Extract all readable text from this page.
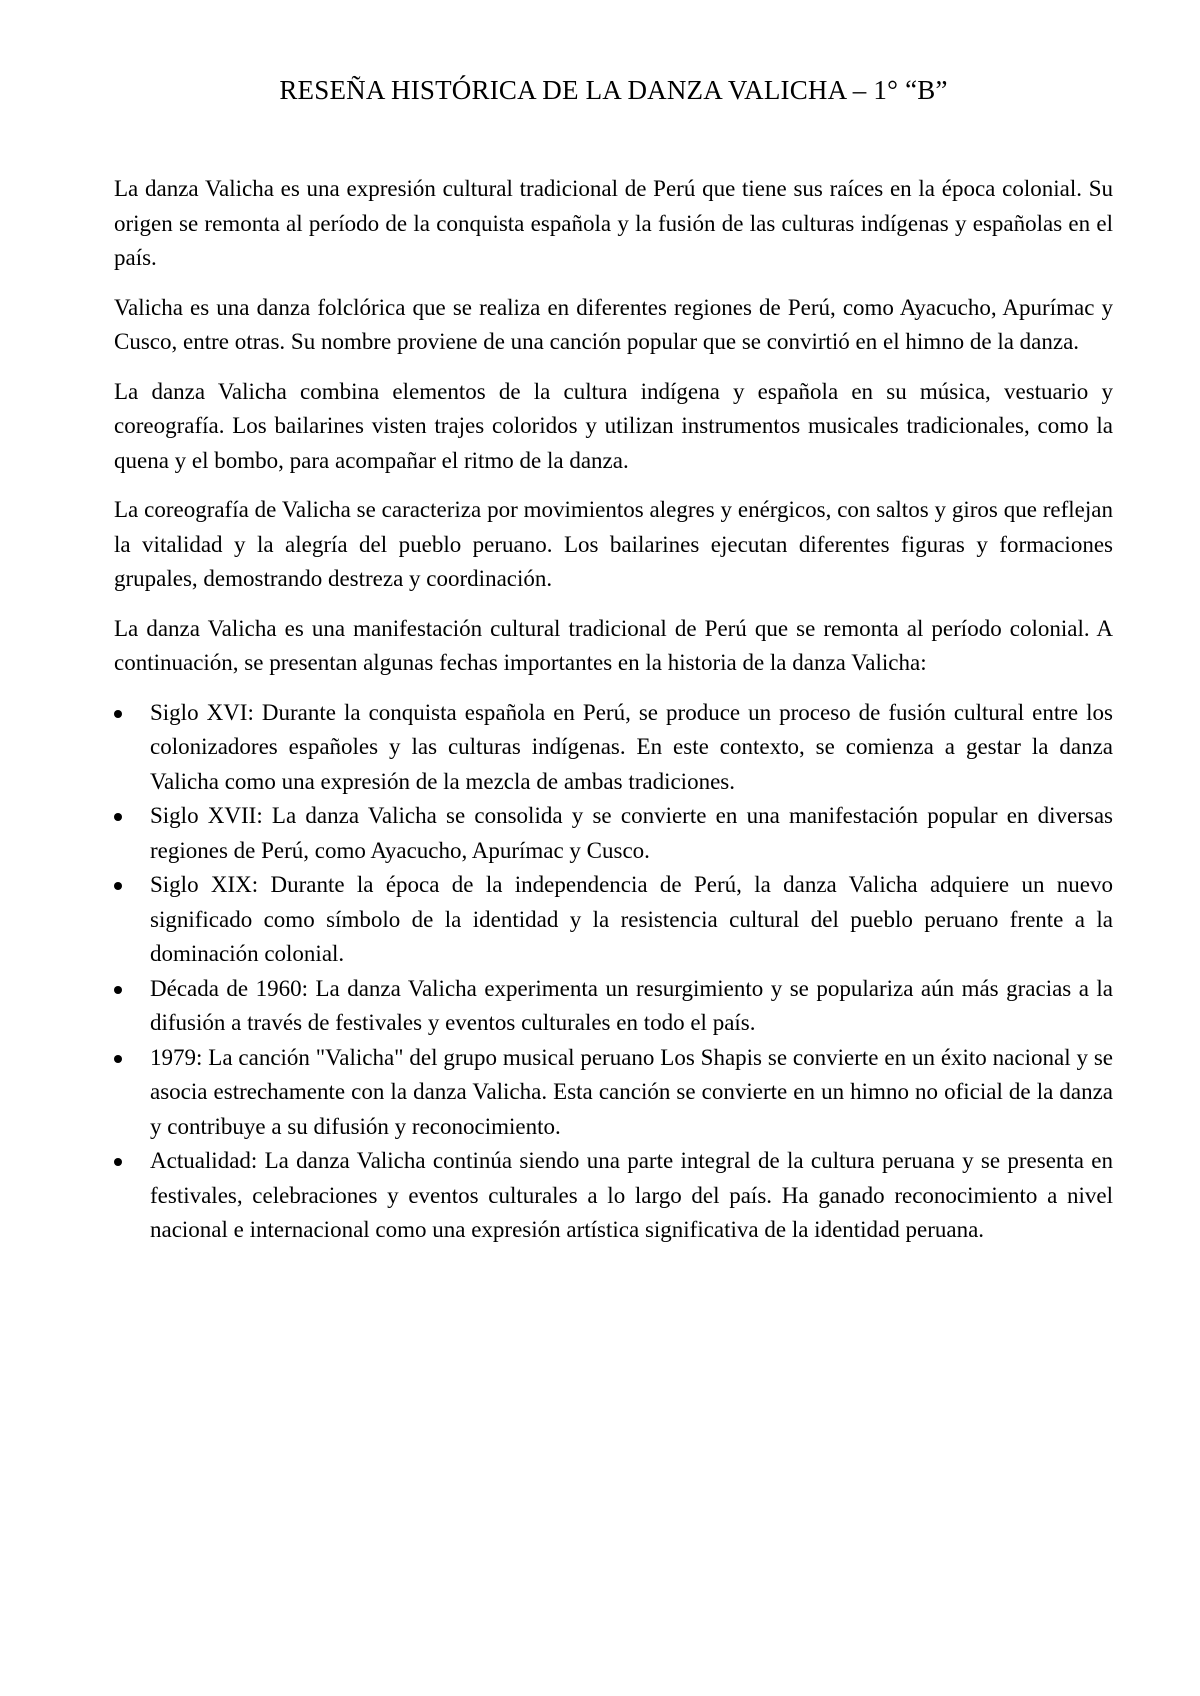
RESEÑA HISTÓRICA DE LA DANZA VALICHA – 1° “B”

La danza Valicha es una expresión cultural tradicional de Perú que tiene sus raíces en la época colonial. Su origen se remonta al período de la conquista española y la fusión de las culturas indígenas y españolas en el país.

Valicha es una danza folclórica que se realiza en diferentes regiones de Perú, como Ayacucho, Apurímac y Cusco, entre otras. Su nombre proviene de una canción popular que se convirtió en el himno de la danza.

La danza Valicha combina elementos de la cultura indígena y española en su música, vestuario y coreografía. Los bailarines visten trajes coloridos y utilizan instrumentos musicales tradicionales, como la quena y el bombo, para acompañar el ritmo de la danza.

La coreografía de Valicha se caracteriza por movimientos alegres y enérgicos, con saltos y giros que reflejan la vitalidad y la alegría del pueblo peruano. Los bailarines ejecutan diferentes figuras y formaciones grupales, demostrando destreza y coordinación.

La danza Valicha es una manifestación cultural tradicional de Perú que se remonta al período colonial. A continuación, se presentan algunas fechas importantes en la historia de la danza Valicha:

Siglo XVI: Durante la conquista española en Perú, se produce un proceso de fusión cultural entre los colonizadores españoles y las culturas indígenas. En este contexto, se comienza a gestar la danza Valicha como una expresión de la mezcla de ambas tradiciones.
Siglo XVII: La danza Valicha se consolida y se convierte en una manifestación popular en diversas regiones de Perú, como Ayacucho, Apurímac y Cusco.
Siglo XIX: Durante la época de la independencia de Perú, la danza Valicha adquiere un nuevo significado como símbolo de la identidad y la resistencia cultural del pueblo peruano frente a la dominación colonial.
Década de 1960: La danza Valicha experimenta un resurgimiento y se populariza aún más gracias a la difusión a través de festivales y eventos culturales en todo el país.
1979: La canción "Valicha" del grupo musical peruano Los Shapis se convierte en un éxito nacional y se asocia estrechamente con la danza Valicha. Esta canción se convierte en un himno no oficial de la danza y contribuye a su difusión y reconocimiento.
Actualidad: La danza Valicha continúa siendo una parte integral de la cultura peruana y se presenta en festivales, celebraciones y eventos culturales a lo largo del país. Ha ganado reconocimiento a nivel nacional e internacional como una expresión artística significativa de la identidad peruana.
